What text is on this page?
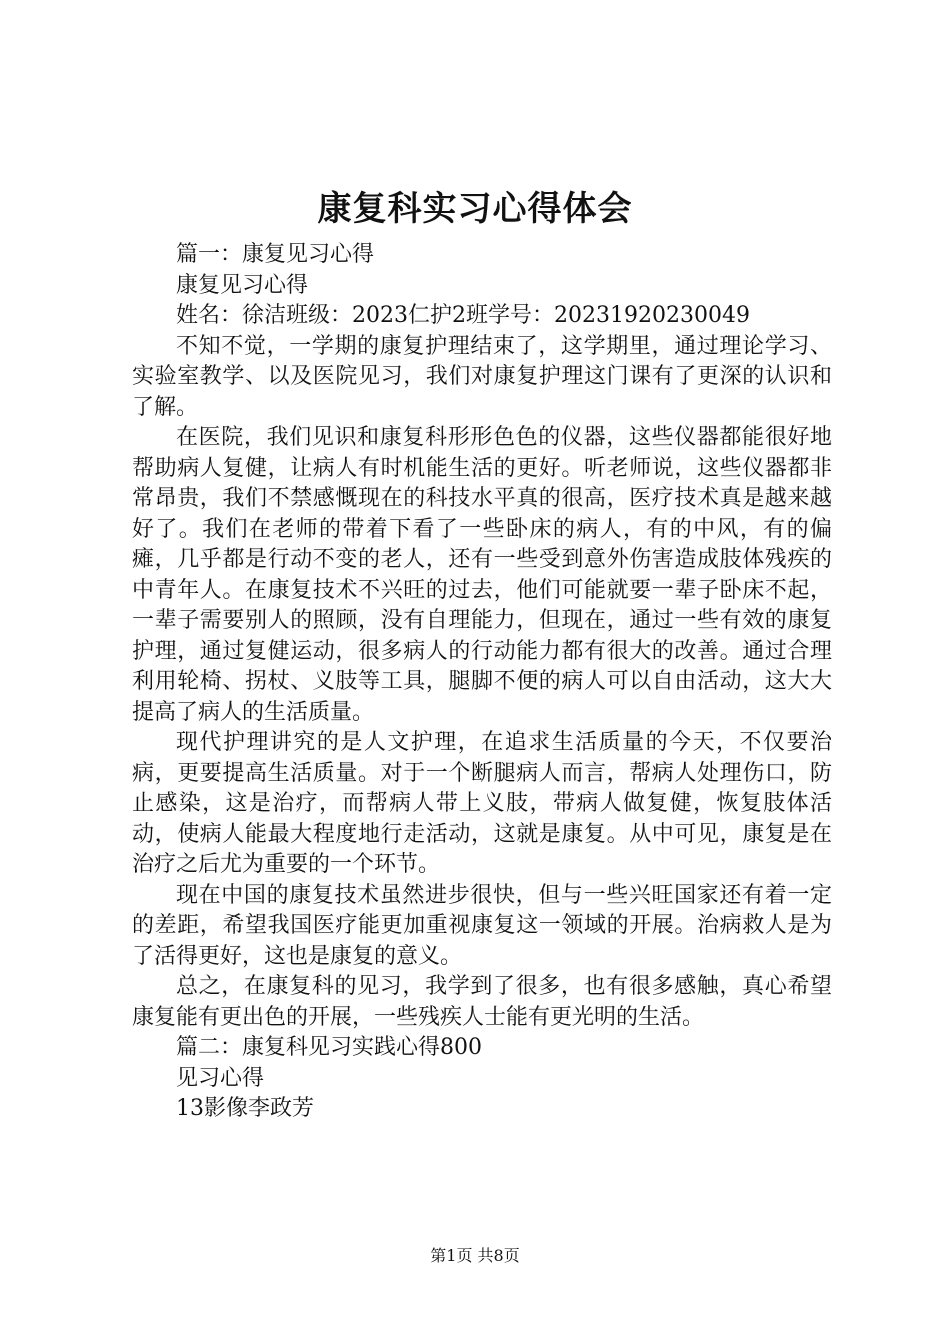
康复科实习心得体会

篇一：康复见习心得

康复见习心得

姓名：徐洁班级：2023仁护2班学号：20231920230049

不知不觉，一学期的康复护理结束了，这学期里，通过理论学习、实验室教学、以及医院见习，我们对康复护理这门课有了更深的认识和了解。

在医院，我们见识和康复科形形色色的仪器，这些仪器都能很好地帮助病人复健，让病人有时机能生活的更好。听老师说，这些仪器都非常昂贵，我们不禁感慨现在的科技水平真的很高，医疗技术真是越来越好了。我们在老师的带着下看了一些卧床的病人，有的中风，有的偏瘫，几乎都是行动不变的老人，还有一些受到意外伤害造成肢体残疾的中青年人。在康复技术不兴旺的过去，他们可能就要一辈子卧床不起，一辈子需要别人的照顾，没有自理能力，但现在，通过一些有效的康复护理，通过复健运动，很多病人的行动能力都有很大的改善。通过合理利用轮椅、拐杖、义肢等工具，腿脚不便的病人可以自由活动，这大大提高了病人的生活质量。

现代护理讲究的是人文护理，在追求生活质量的今天，不仅要治病，更要提高生活质量。对于一个断腿病人而言，帮病人处理伤口，防止感染，这是治疗，而帮病人带上义肢，带病人做复健，恢复肢体活动，使病人能最大程度地行走活动，这就是康复。从中可见，康复是在治疗之后尤为重要的一个环节。

现在中国的康复技术虽然进步很快，但与一些兴旺国家还有着一定的差距，希望我国医疗能更加重视康复这一领域的开展。治病救人是为了活得更好，这也是康复的意义。

总之，在康复科的见习，我学到了很多，也有很多感触，真心希望康复能有更出色的开展，一些残疾人士能有更光明的生活。

篇二：康复科见习实践心得800

见习心得

13影像李政芳

第1页 共8页
